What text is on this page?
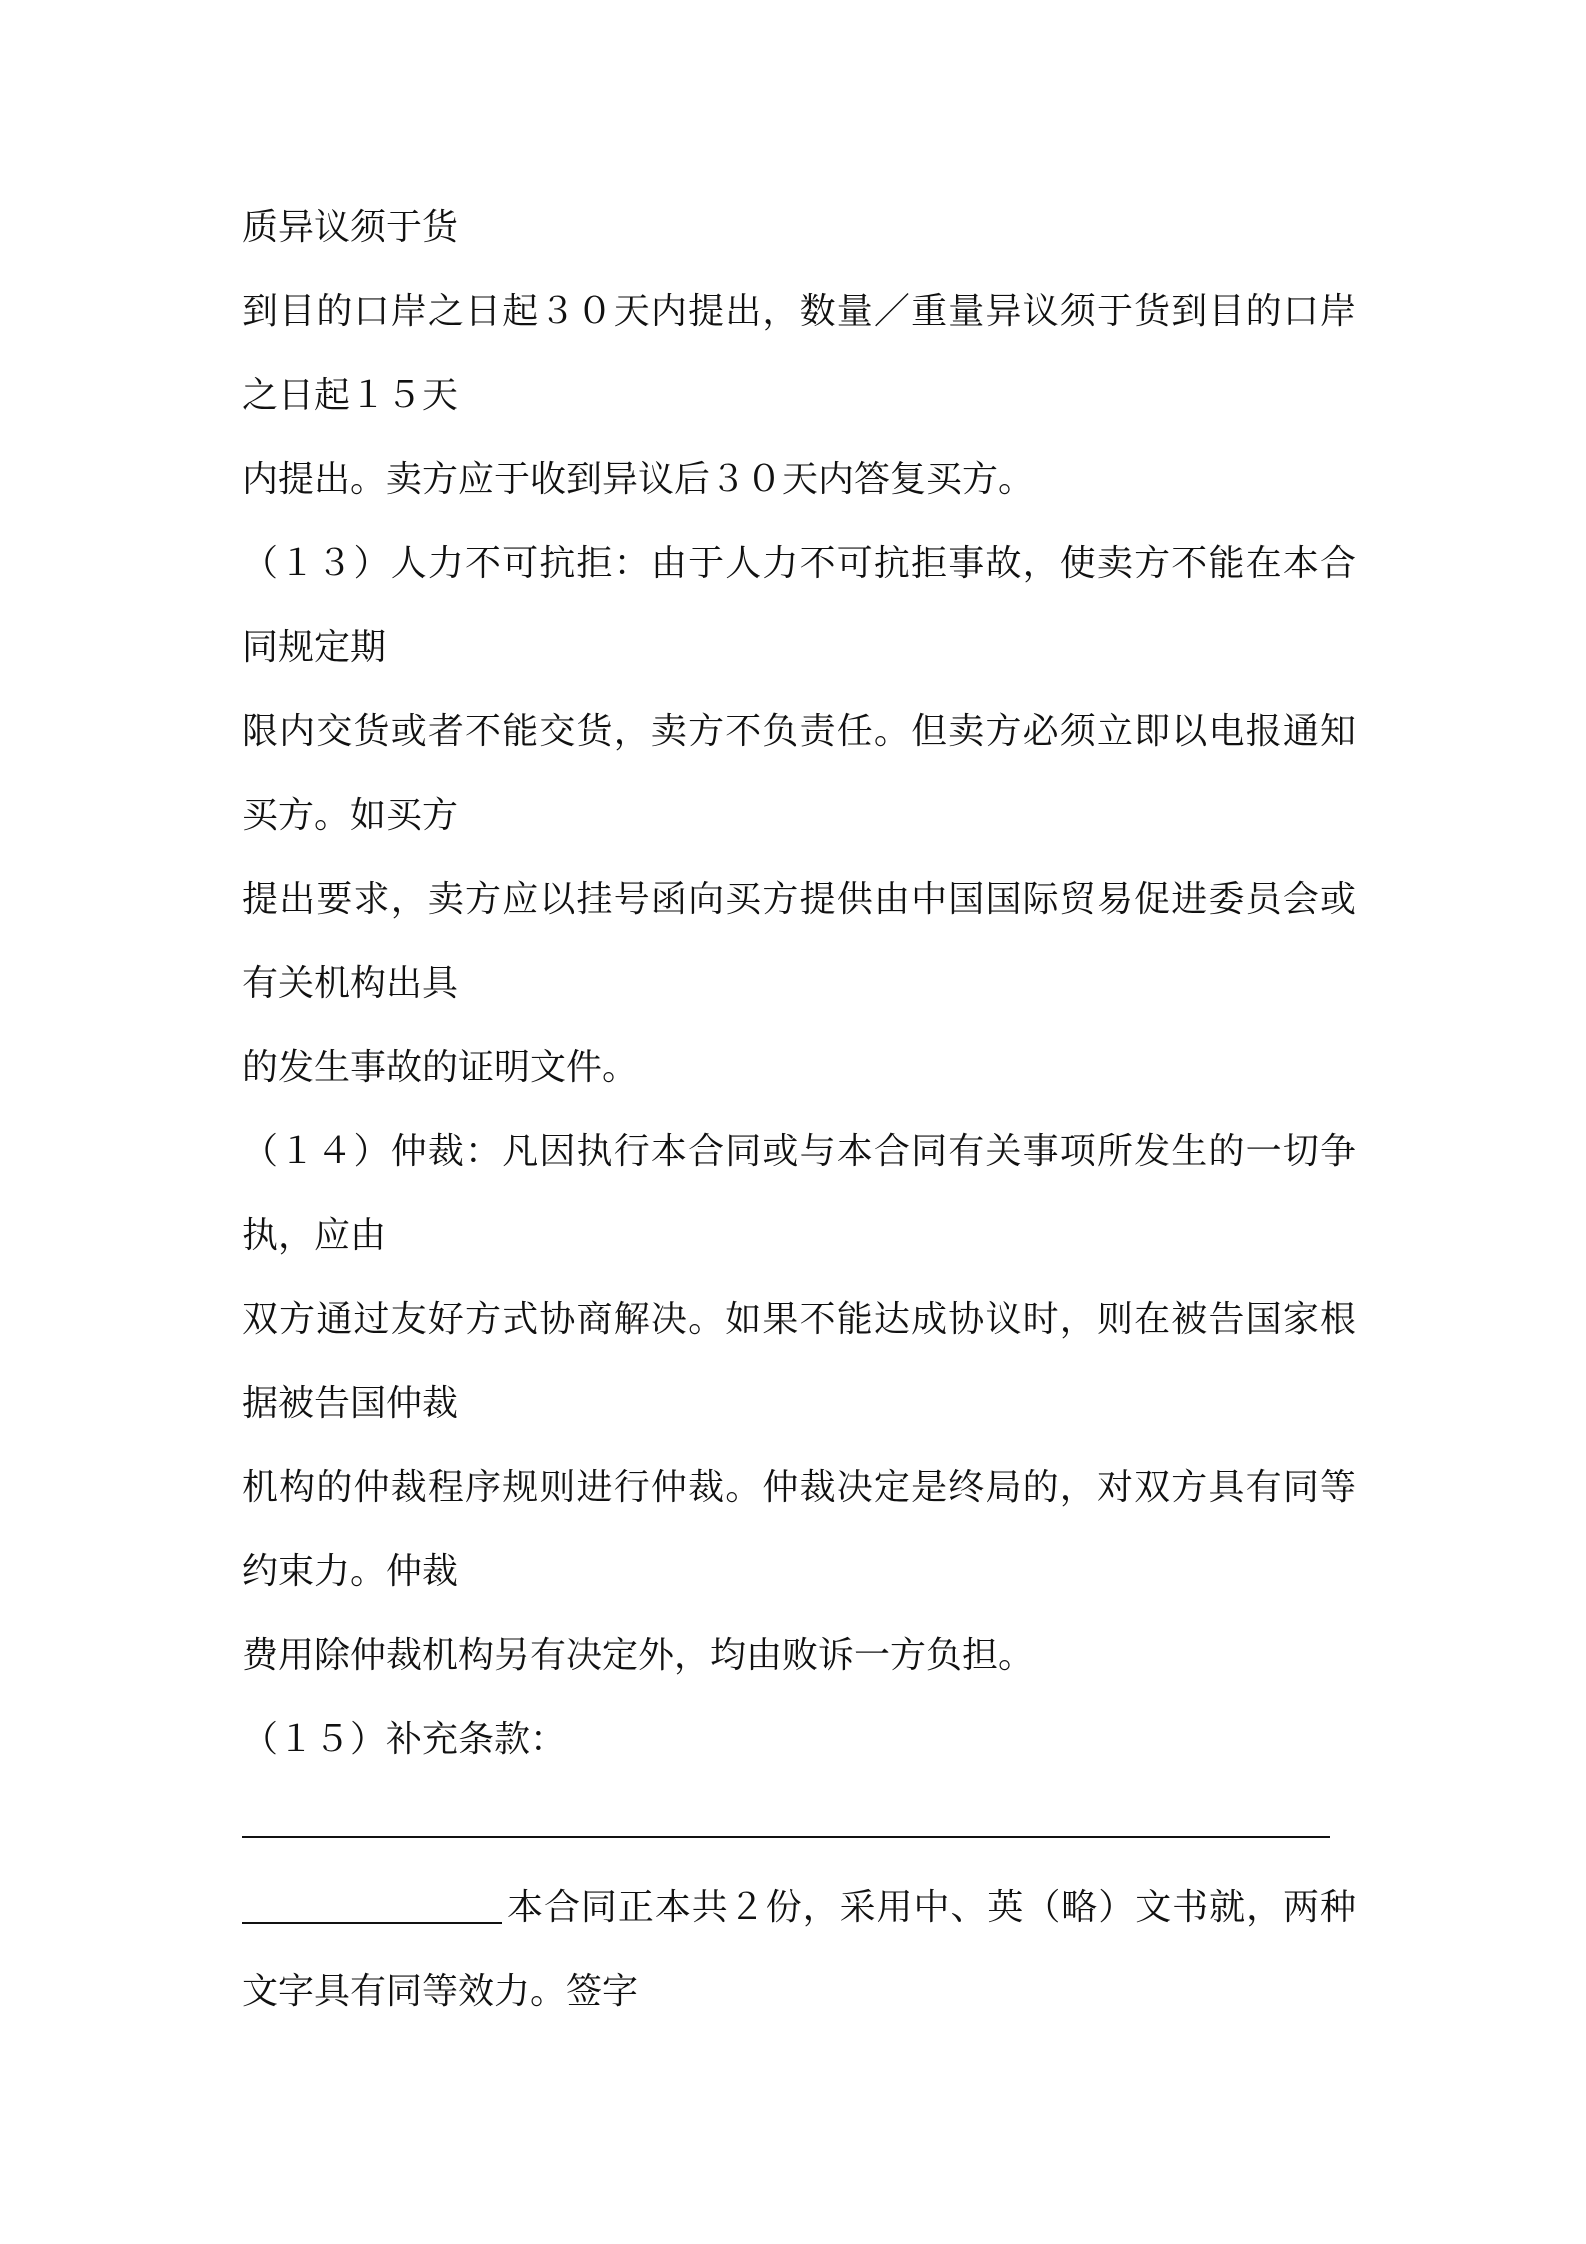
质异议须于货
到目的口岸之日起３０天内提出，数量／重量异议须于货到目的口岸
之日起１５天
内提出。卖方应于收到异议后３０天内答复买方。
（１３）人力不可抗拒：由于人力不可抗拒事故，使卖方不能在本合
同规定期
限内交货或者不能交货，卖方不负责任。但卖方必须立即以电报通知
买方。如买方
提出要求，卖方应以挂号函向买方提供由中国国际贸易促进委员会或
有关机构出具
的发生事故的证明文件。
（１４）仲裁：凡因执行本合同或与本合同有关事项所发生的一切争
执，应由
双方通过友好方式协商解决。如果不能达成协议时，则在被告国家根
据被告国仲裁
机构的仲裁程序规则进行仲裁。仲裁决定是终局的，对双方具有同等
约束力。仲裁
费用除仲裁机构另有决定外，均由败诉一方负担。
（１５）补充条款：
本合同正本共２份，采用中、英（略）文书就，两种
文字具有同等效力。签字
